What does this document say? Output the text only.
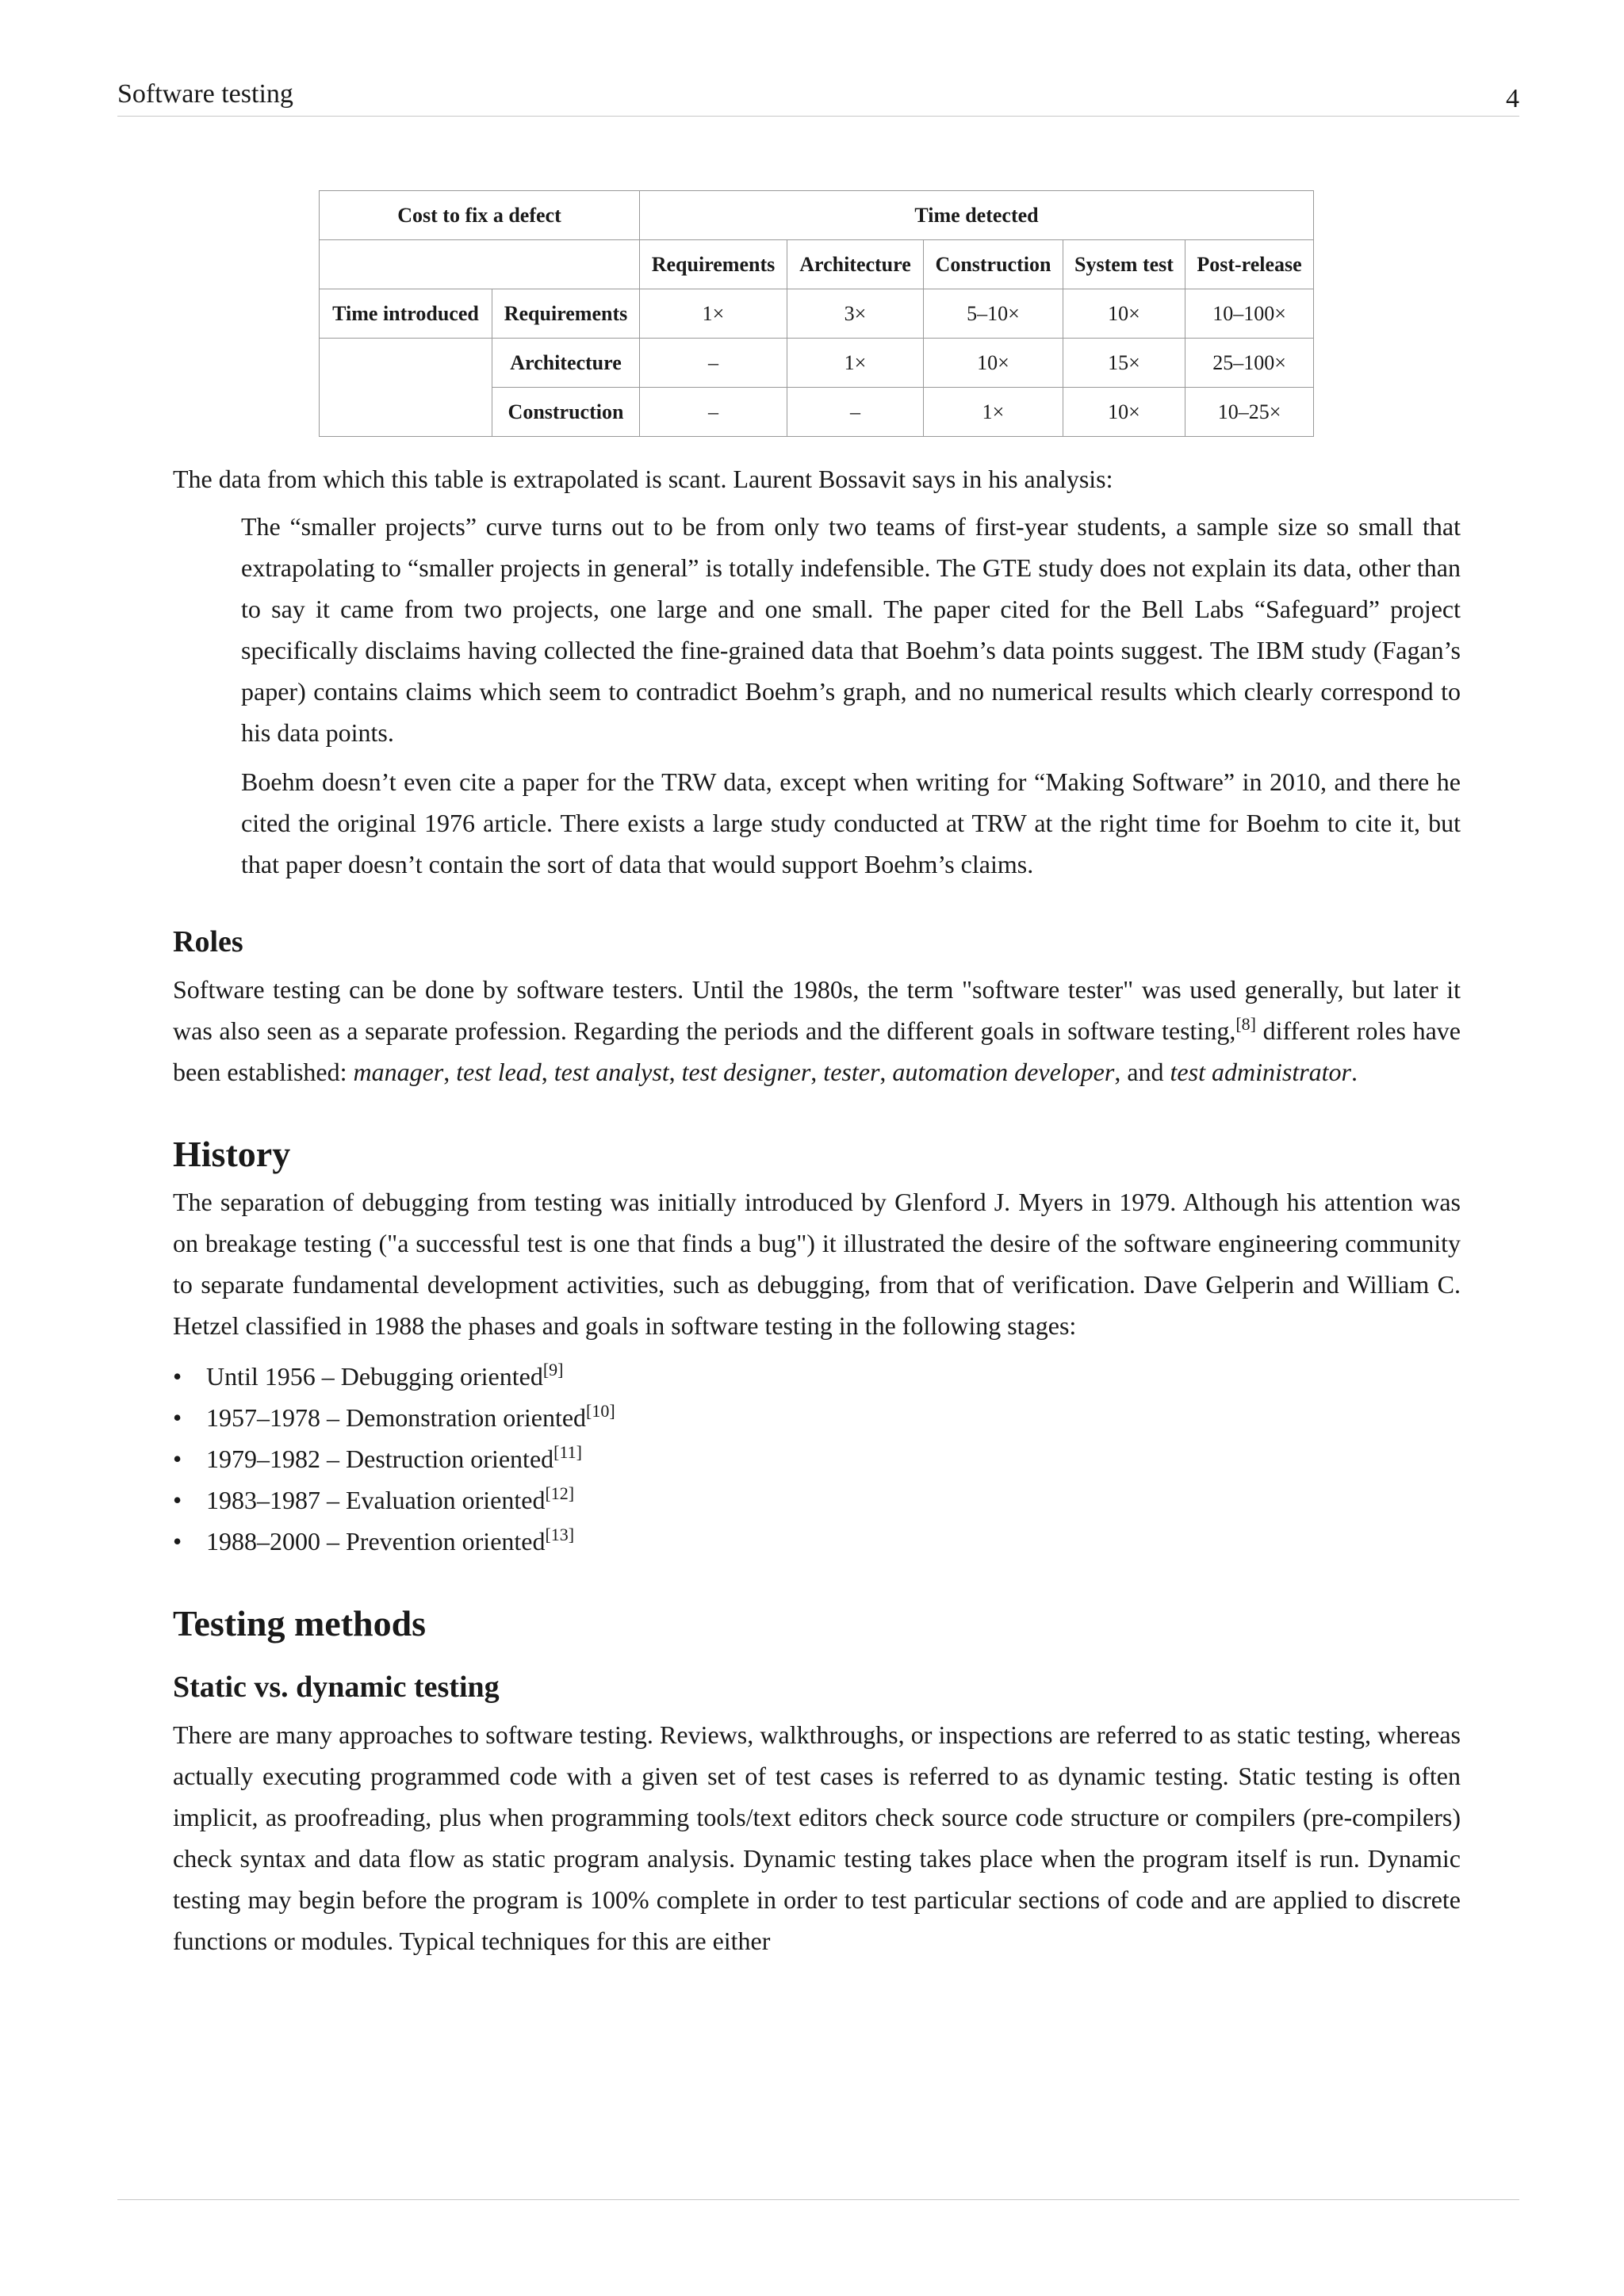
Software testing	4
Cost to fix a defect		Time detected				
		Requirements	Architecture	Construction	System test	Post-release
Time introduced	Requirements	1×	3×	5–10×	10×	10–100×
	Architecture	–	1×	10×	15×	25–100×
	Construction	–	–	1×	10×	10–25×

The data from which this table is extrapolated is scant. Laurent Bossavit says in his analysis:

The “smaller projects” curve turns out to be from only two teams of first-year students, a sample size so small that extrapolating to “smaller projects in general” is totally indefensible. The GTE study does not explain its data, other than to say it came from two projects, one large and one small. The paper cited for the Bell Labs “Safeguard” project specifically disclaims having collected the fine-grained data that Boehm’s data points suggest. The IBM study (Fagan’s paper) contains claims which seem to contradict Boehm’s graph, and no numerical results which clearly correspond to his data points.

Boehm doesn’t even cite a paper for the TRW data, except when writing for “Making Software” in 2010, and there he cited the original 1976 article. There exists a large study conducted at TRW at the right time for Boehm to cite it, but that paper doesn’t contain the sort of data that would support Boehm’s claims.

Roles

Software testing can be done by software testers. Until the 1980s, the term "software tester" was used generally, but later it was also seen as a separate profession. Regarding the periods and the different goals in software testing,[8] different roles have been established: manager, test lead, test analyst, test designer, tester, automation developer, and test administrator.

History

The separation of debugging from testing was initially introduced by Glenford J. Myers in 1979. Although his attention was on breakage testing ("a successful test is one that finds a bug") it illustrated the desire of the software engineering community to separate fundamental development activities, such as debugging, from that of verification. Dave Gelperin and William C. Hetzel classified in 1988 the phases and goals in software testing in the following stages:

• Until 1956 – Debugging oriented[9]
• 1957–1978 – Demonstration oriented[10]
• 1979–1982 – Destruction oriented[11]
• 1983–1987 – Evaluation oriented[12]
• 1988–2000 – Prevention oriented[13]
Testing methods
Static vs. dynamic testing

There are many approaches to software testing. Reviews, walkthroughs, or inspections are referred to as static testing, whereas actually executing programmed code with a given set of test cases is referred to as dynamic testing. Static testing is often implicit, as proofreading, plus when programming tools/text editors check source code structure or compilers (pre-compilers) check syntax and data flow as static program analysis. Dynamic testing takes place when the program itself is run. Dynamic testing may begin before the program is 100% complete in order to test particular sections of code and are applied to discrete functions or modules. Typical techniques for this are either
